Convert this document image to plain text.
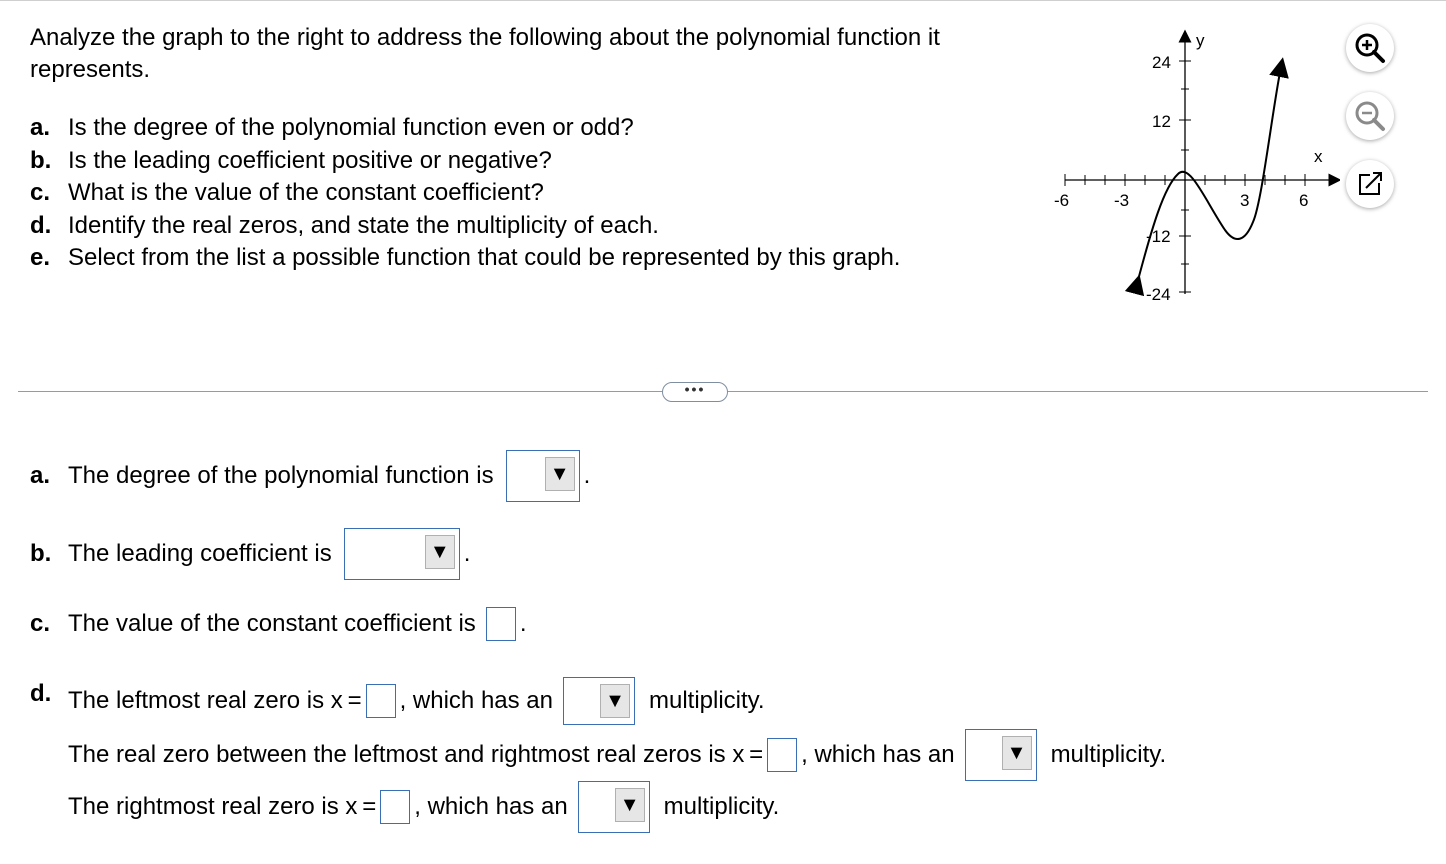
Analyze the graph to the right to address the following about the polynomial function it represents.
a. Is the degree of the polynomial function even or odd?
b. Is the leading coefficient positive or negative?
c. What is the value of the constant coefficient?
d. Identify the real zeros, and state the multiplicity of each.
e. Select from the list a possible function that could be represented by this graph.
-6	-3	3	6
24
12
-12
-24
y
x
•••
a. The degree of the polynomial function is	▼ .
b. The leading coefficient is	▼ .
c. The value of the constant coefficient is .
d. The leftmost real zero is x = , which has an	▼ multiplicity.
The real zero between the leftmost and rightmost real zeros is x = , which has an	▼ multiplicity.
The rightmost real zero is x = , which has an	▼ multiplicity.
